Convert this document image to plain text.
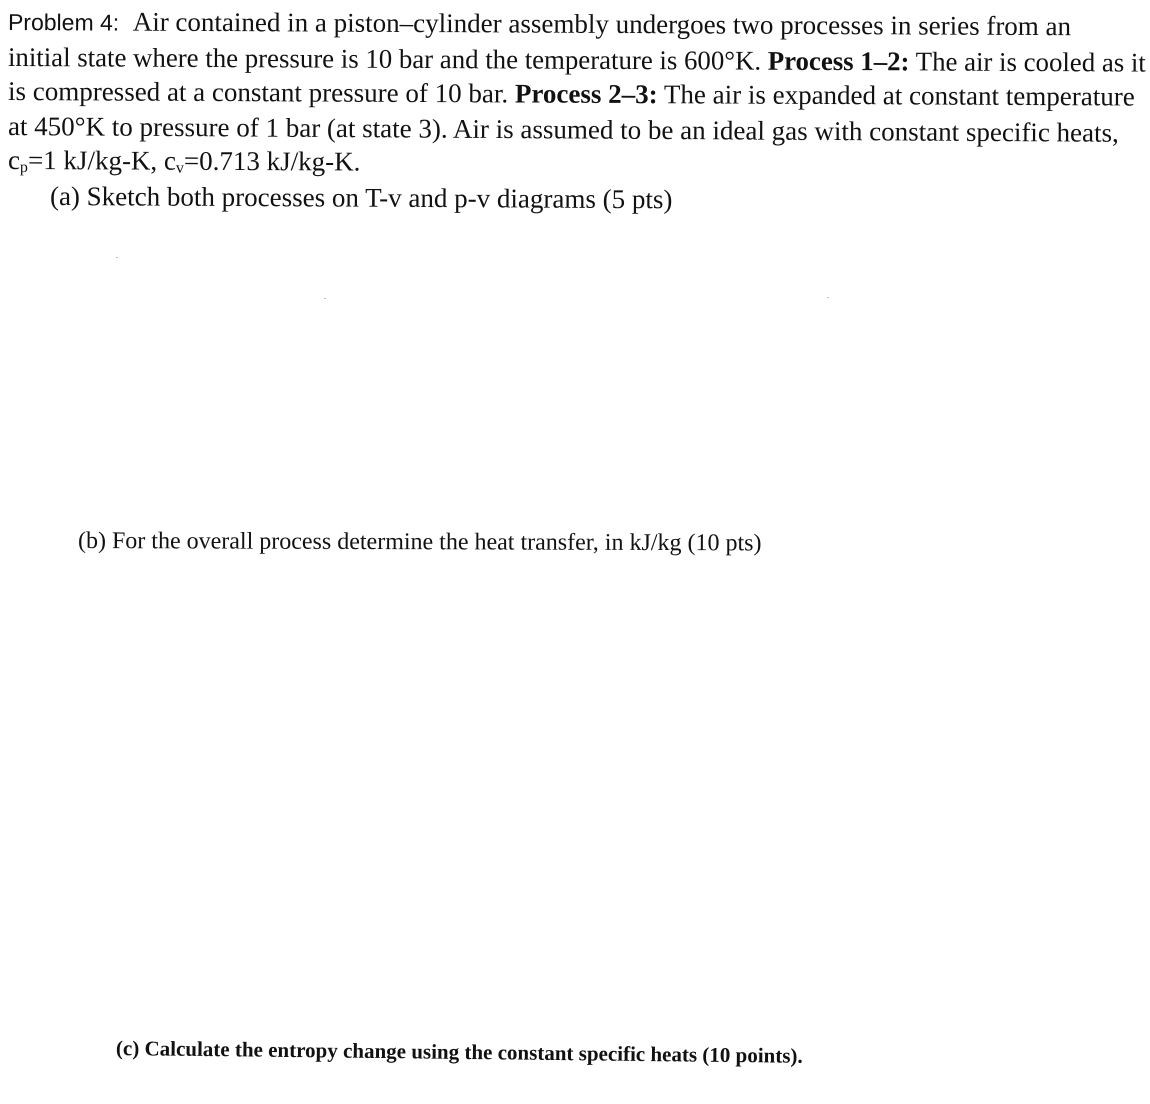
Problem 4: Air contained in a piston–cylinder assembly undergoes two processes in series from an
initial state where the pressure is 10 bar and the temperature is 600°K. Process 1–2: The air is cooled as it
is compressed at a constant pressure of 10 bar. Process 2–3: The air is expanded at constant temperature
at 450°K to pressure of 1 bar (at state 3). Air is assumed to be an ideal gas with constant specific heats,
$c_p=1$ kJ/kg-K, $c_v=0.713$ kJ/kg-K.
(a) Sketch both processes on T-v and p-v diagrams (5 pts)
(b) For the overall process determine the heat transfer, in kJ/kg (10 pts)
(c) Calculate the entropy change using the constant specific heats (10 points).
